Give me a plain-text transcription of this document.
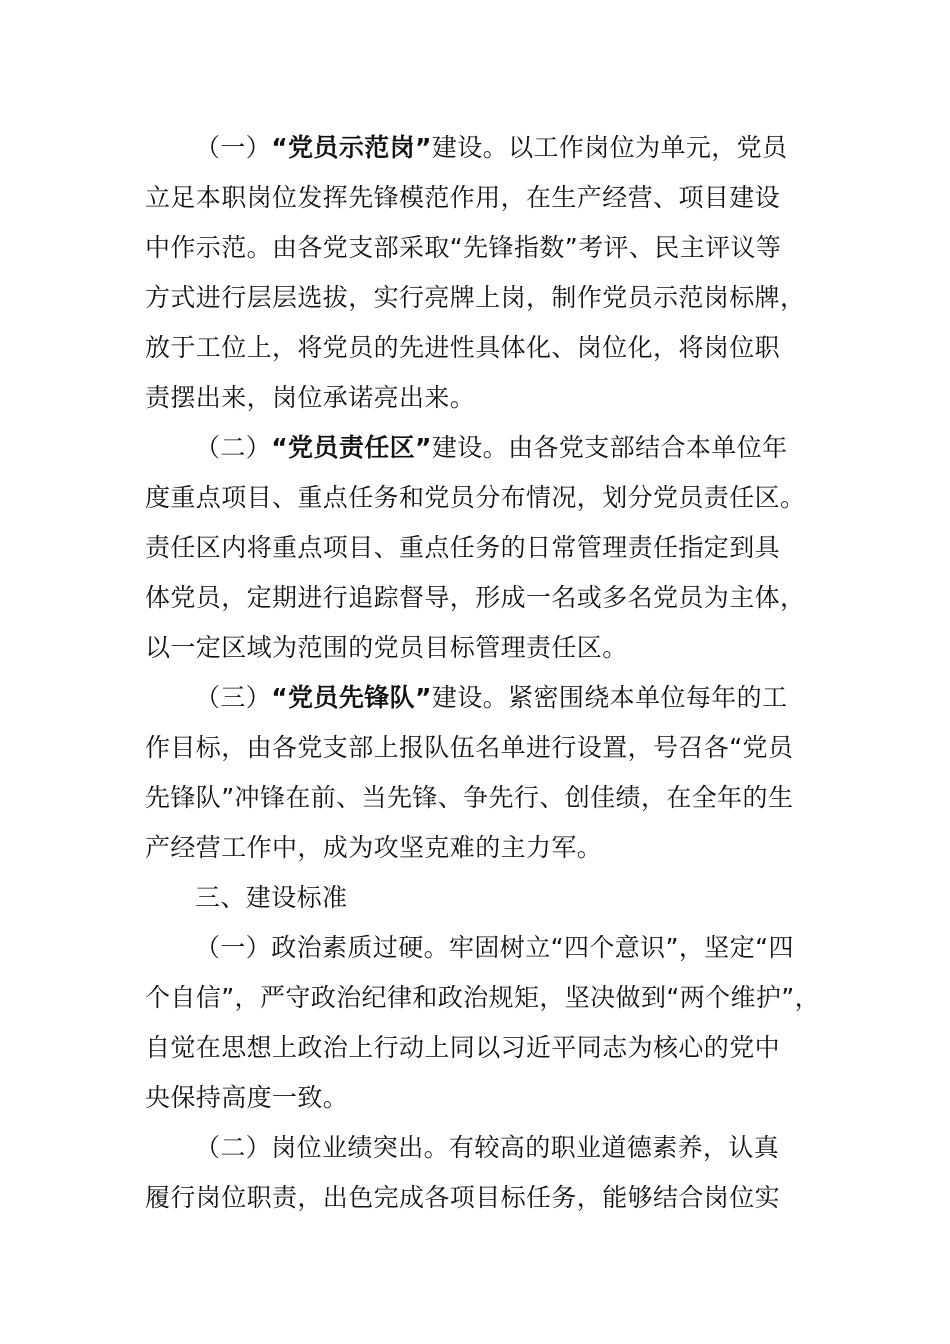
（一）“党员示范岗”建设。以工作岗位为单元，党员
立足本职岗位发挥先锋模范作用，在生产经营、项目建设
中作示范。由各党支部采取“先锋指数”考评、民主评议等
方式进行层层选拔，实行亮牌上岗，制作党员示范岗标牌，
放于工位上，将党员的先进性具体化、岗位化，将岗位职
责摆出来，岗位承诺亮出来。
（二）“党员责任区”建设。由各党支部结合本单位年
度重点项目、重点任务和党员分布情况，划分党员责任区。
责任区内将重点项目、重点任务的日常管理责任指定到具
体党员，定期进行追踪督导，形成一名或多名党员为主体，
以一定区域为范围的党员目标管理责任区。
（三）“党员先锋队”建设。紧密围绕本单位每年的工
作目标，由各党支部上报队伍名单进行设置，号召各“党员
先锋队”冲锋在前、当先锋、争先行、创佳绩，在全年的生
产经营工作中，成为攻坚克难的主力军。
三、建设标准
（一）政治素质过硬。牢固树立“四个意识”，坚定“四
个自信”，严守政治纪律和政治规矩，坚决做到“两个维护”，
自觉在思想上政治上行动上同以习近平同志为核心的党中
央保持高度一致。
（二）岗位业绩突出。有较高的职业道德素养，认真
履行岗位职责，出色完成各项目标任务，能够结合岗位实
